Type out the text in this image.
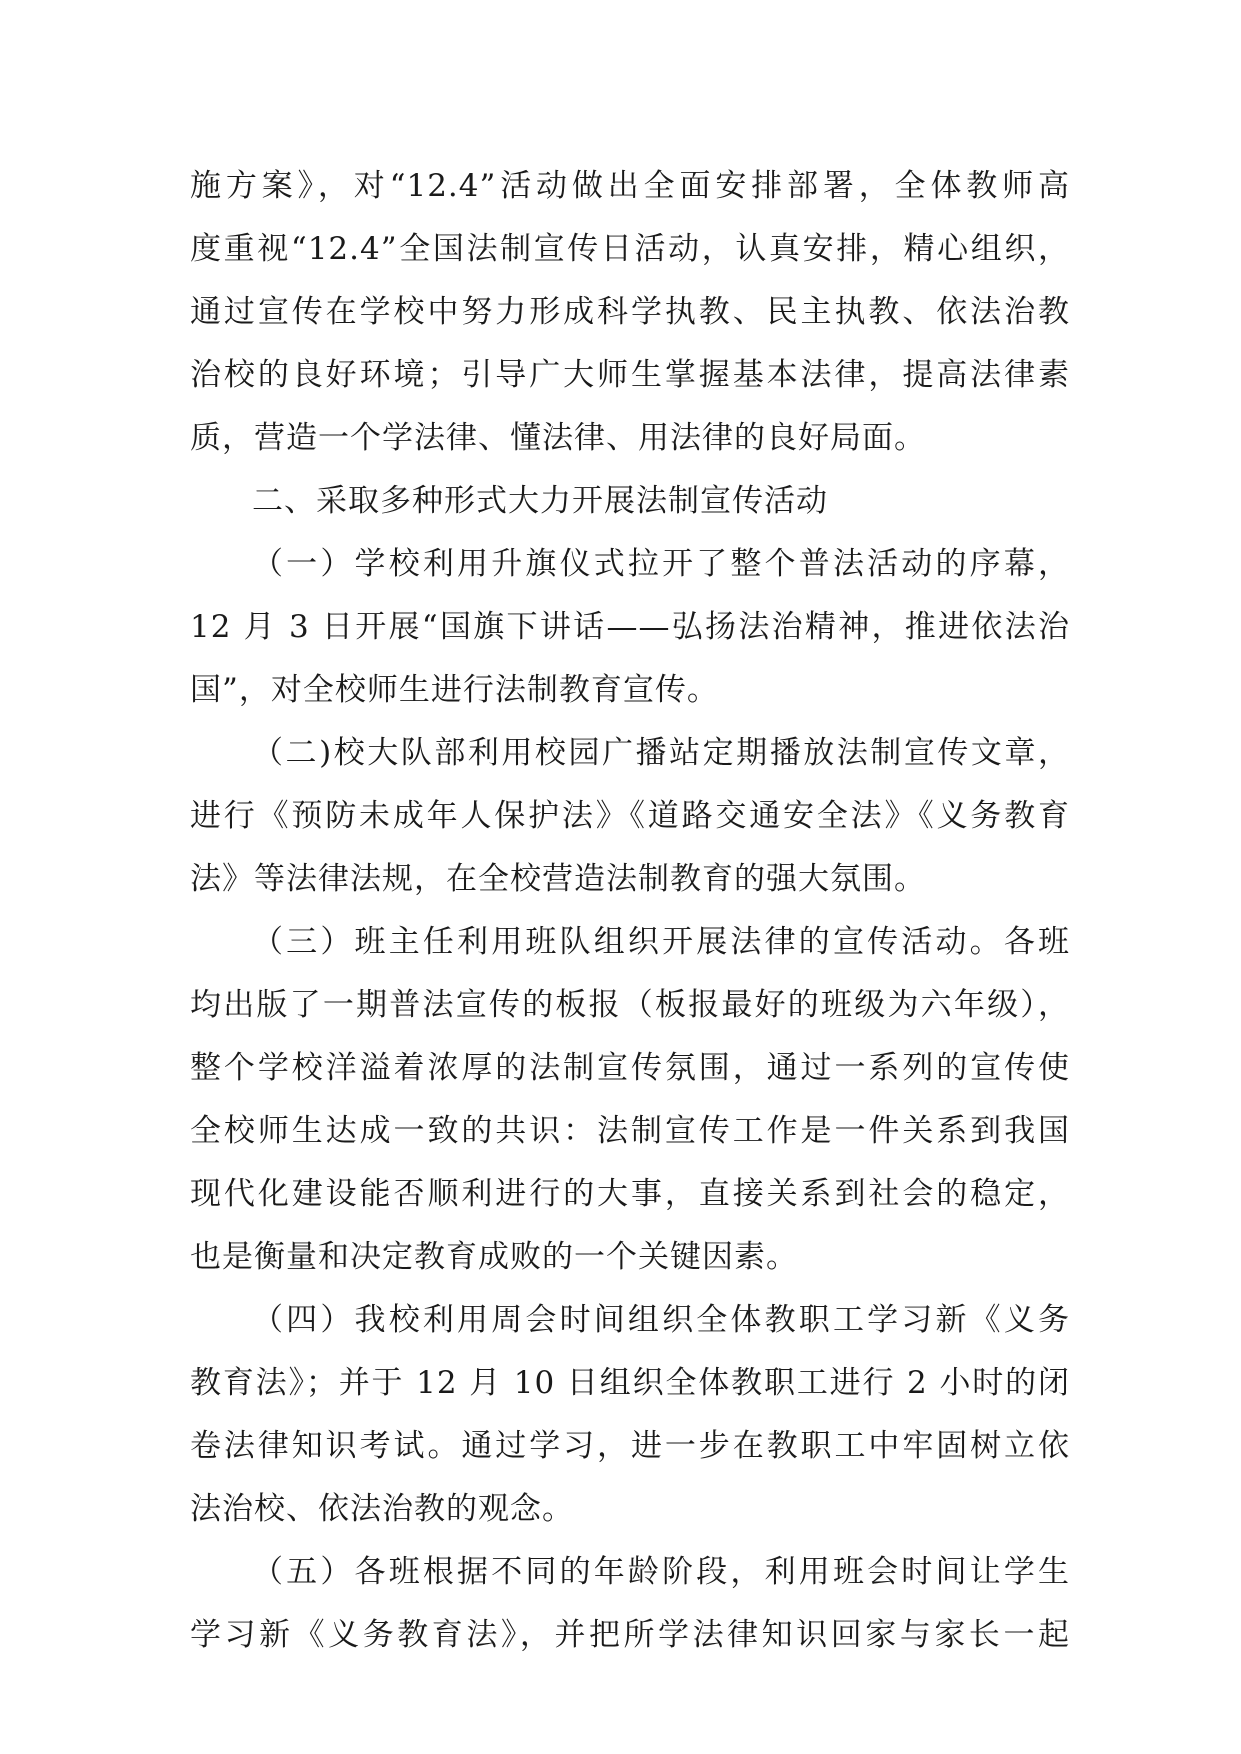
施方案》，对“12.4”活动做出全面安排部署，全体教师高
度重视“12.4”全国法制宣传日活动，认真安排，精心组织，
通过宣传在学校中努力形成科学执教、民主执教、依法治教
治校的良好环境；引导广大师生掌握基本法律，提高法律素
质，营造一个学法律、懂法律、用法律的良好局面。
二、采取多种形式大力开展法制宣传活动
（一）学校利用升旗仪式拉开了整个普法活动的序幕，
12 月 3 日开展“国旗下讲话——弘扬法治精神，推进依法治
国”，对全校师生进行法制教育宣传。
（二)校大队部利用校园广播站定期播放法制宣传文章，
进行《预防未成年人保护法》《道路交通安全法》《义务教育
法》等法律法规，在全校营造法制教育的强大氛围。
（三）班主任利用班队组织开展法律的宣传活动。各班
均出版了一期普法宣传的板报（板报最好的班级为六年级），
整个学校洋溢着浓厚的法制宣传氛围，通过一系列的宣传使
全校师生达成一致的共识：法制宣传工作是一件关系到我国
现代化建设能否顺利进行的大事，直接关系到社会的稳定，
也是衡量和决定教育成败的一个关键因素。
（四）我校利用周会时间组织全体教职工学习新《义务
教育法》；并于 12 月 10 日组织全体教职工进行 2 小时的闭
卷法律知识考试。通过学习，进一步在教职工中牢固树立依
法治校、依法治教的观念。
（五）各班根据不同的年龄阶段，利用班会时间让学生
学习新《义务教育法》，并把所学法律知识回家与家长一起
